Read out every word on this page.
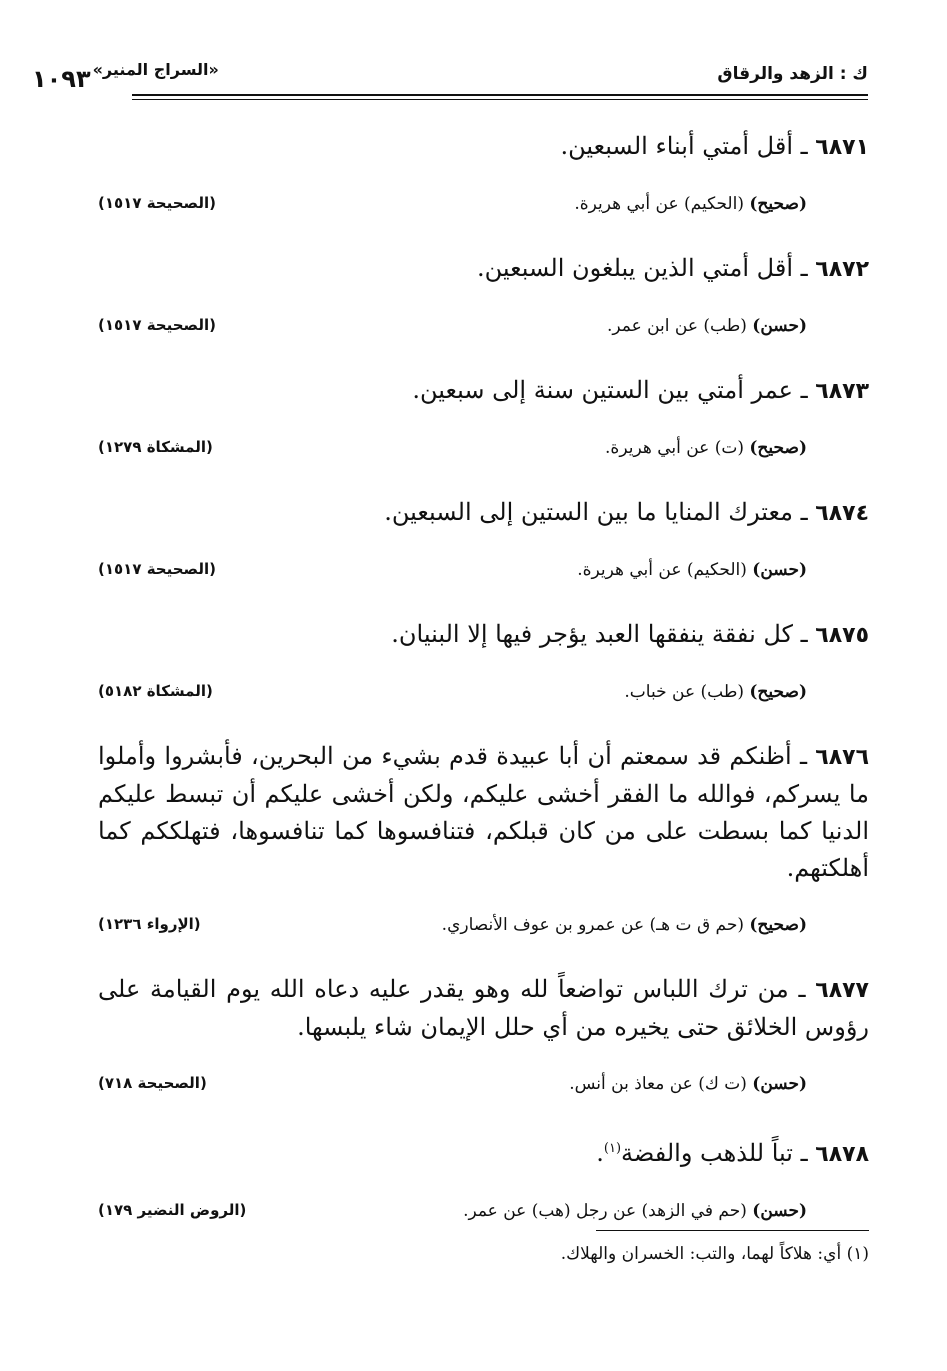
ك : الزهد والرقاق
«السراج المنير»١٠٩٣
٦٨٧١ ـ أقل أمتي أبناء السبعين.
(صحيح) (الحكيم) عن أبي هريرة.
(الصحيحة ١٥١٧)
٦٨٧٢ ـ أقل أمتي الذين يبلغون السبعين.
(حسن) (طب) عن ابن عمر.
(الصحيحة ١٥١٧)
٦٨٧٣ ـ عمر أمتي بين الستين سنة إلى سبعين.
(صحيح) (ت) عن أبي هريرة.
(المشكاة ١٢٧٩)
٦٨٧٤ ـ معترك المنايا ما بين الستين إلى السبعين.
(حسن) (الحكيم) عن أبي هريرة.
(الصحيحة ١٥١٧)
٦٨٧٥ ـ كل نفقة ينفقها العبد يؤجر فيها إلا البنيان.
(صحيح) (طب) عن خباب.
(المشكاة ٥١٨٢)
٦٨٧٦ ـ أظنكم قد سمعتم أن أبا عبيدة قدم بشيء من البحرين، فأبشروا وأملوا ما يسركم، فوالله ما الفقر أخشى عليكم، ولكن أخشى عليكم أن تبسط عليكم الدنيا كما بسطت على من كان قبلكم، فتنافسوها كما تنافسوها، فتهلككم كما أهلكتهم.
(صحيح) (حم ق ت هـ) عن عمرو بن عوف الأنصاري.
(الإرواء ١٢٣٦)
٦٨٧٧ ـ من ترك اللباس تواضعاً لله وهو يقدر عليه دعاه الله يوم القيامة على رؤوس الخلائق حتى يخيره من أي حلل الإيمان شاء يلبسها.
(حسن) (ت ك) عن معاذ بن أنس.
(الصحيحة ٧١٨)
٦٨٧٨ ـ تباً للذهب والفضة$^{(١)}$.
(حسن) (حم في الزهد) عن رجل (هب) عن عمر.
(الروض النضير ١٧٩)
(١) أي: هلاكاً لهما، والتب: الخسران والهلاك.
